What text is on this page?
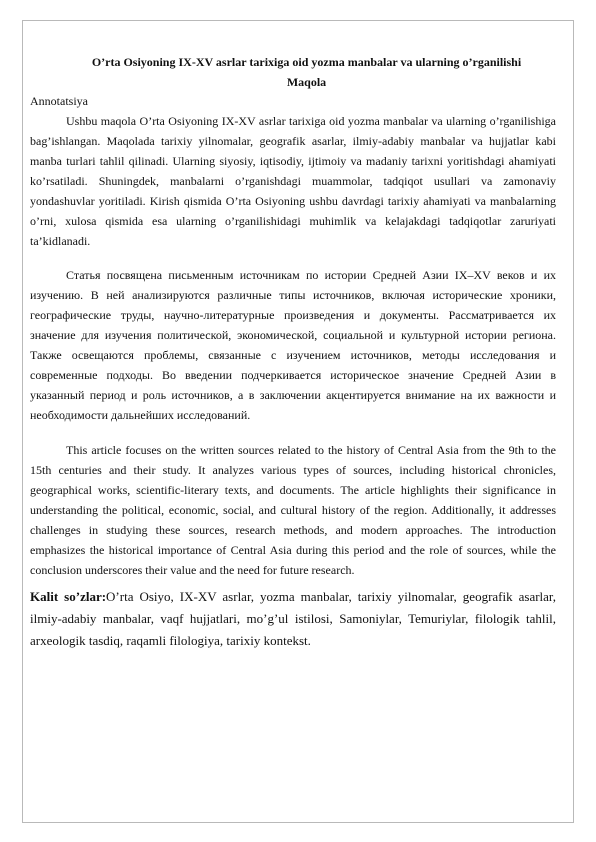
O’rta Osiyoning IX-XV asrlar tarixiga oid yozma manbalar va ularning o’rganilishi

Maqola

Annotatsiya

Ushbu maqola O’rta Osiyoning IX-XV asrlar tarixiga oid yozma manbalar va ularning o’rganilishiga bag’ishlangan. Maqolada tarixiy yilnomalar, geografik asarlar, ilmiy-adabiy manbalar va hujjatlar kabi manba turlari tahlil qilinadi. Ularning siyosiy, iqtisodiy, ijtimoiy va madaniy tarixni yoritishdagi ahamiyati ko’rsatiladi. Shuningdek, manbalarni o’rganishdagi muammolar, tadqiqot usullari va zamonaviy yondashuvlar yoritiladi. Kirish qismida O’rta Osiyoning ushbu davrdagi tarixiy ahamiyati va manbalarning o’rni, xulosa qismida esa ularning o’rganilishidagi muhimlik va kelajakdagi tadqiqotlar zaruriyati ta’kidlanadi.

Статья посвящена письменным источникам по истории Средней Азии IX–XV веков и их изучению. В ней анализируются различные типы источников, включая исторические хроники, географические труды, научно-литературные произведения и документы. Рассматривается их значение для изучения политической, экономической, социальной и культурной истории региона. Также освещаются проблемы, связанные с изучением источников, методы исследования и современные подходы. Во введении подчеркивается историческое значение Средней Азии в указанный период и роль источников, а в заключении акцентируется внимание на их важности и необходимости дальнейших исследований.

This article focuses on the written sources related to the history of Central Asia from the 9th to the 15th centuries and their study. It analyzes various types of sources, including historical chronicles, geographical works, scientific-literary texts, and documents. The article highlights their significance in understanding the political, economic, social, and cultural history of the region. Additionally, it addresses challenges in studying these sources, research methods, and modern approaches. The introduction emphasizes the historical importance of Central Asia during this period and the role of sources, while the conclusion underscores their value and the need for future research.

Kalit so’zlar:O’rta Osiyo, IX-XV asrlar, yozma manbalar, tarixiy yilnomalar, geografik asarlar, ilmiy-adabiy manbalar, vaqf hujjatlari, mo’g’ul istilosi, Samoniylar, Temuriylar, filologik tahlil, arxeologik tasdiq, raqamli filologiya, tarixiy kontekst.
